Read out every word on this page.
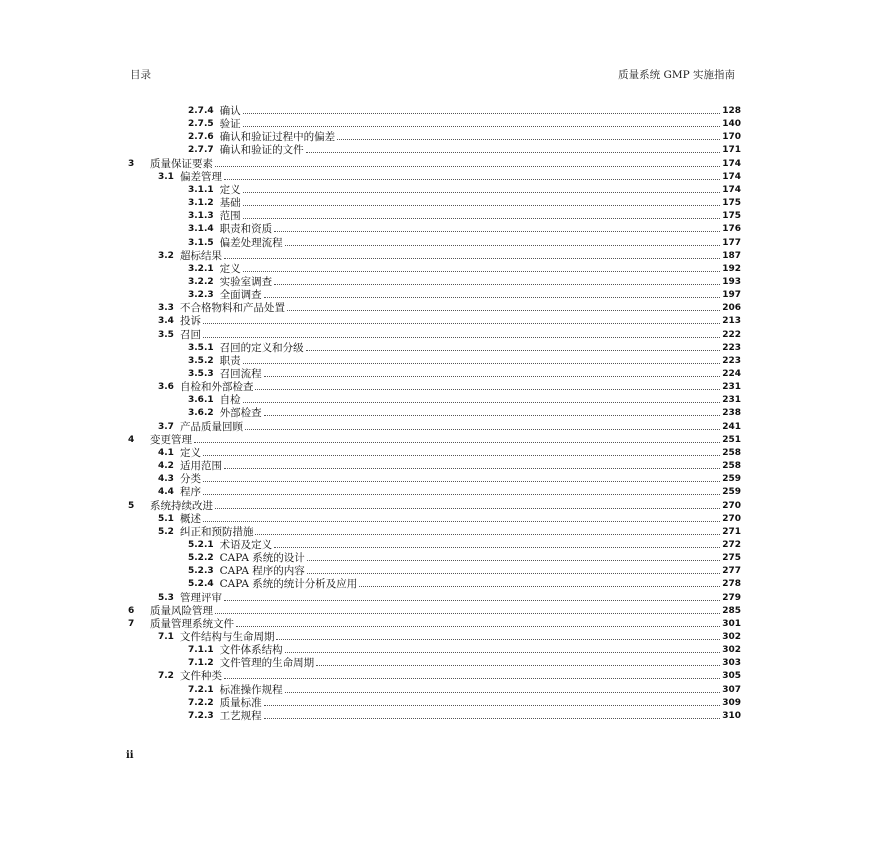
目录	质量系统 GMP 实施指南
2.7.4 确认	128
2.7.5 验证	140
2.7.6 确认和验证过程中的偏差	170
2.7.7 确认和验证的文件	171
3	质量保证要素	174
3.1 偏差管理	174
3.1.1 定义	174
3.1.2 基础	175
3.1.3 范围	175
3.1.4 职责和资质	176
3.1.5 偏差处理流程	177
3.2 超标结果	187
3.2.1 定义	192
3.2.2 实验室调查	193
3.2.3 全面调查	197
3.3 不合格物料和产品处置	206
3.4 投诉	213
3.5 召回	222
3.5.1 召回的定义和分级	223
3.5.2 职责	223
3.5.3 召回流程	224
3.6 自检和外部检查	231
3.6.1 自检	231
3.6.2 外部检查	238
3.7 产品质量回顾	241
4	变更管理	251
4.1 定义	258
4.2 适用范围	258
4.3 分类	259
4.4 程序	259
5	系统持续改进	270
5.1 概述	270
5.2 纠正和预防措施	271
5.2.1 术语及定义	272
5.2.2 CAPA 系统的设计	275
5.2.3 CAPA 程序的内容	277
5.2.4 CAPA 系统的统计分析及应用	278
5.3 管理评审	279
6	质量风险管理	285
7	质量管理系统文件	301
7.1 文件结构与生命周期	302
7.1.1 文件体系结构	302
7.1.2 文件管理的生命周期	303
7.2 文件种类	305
7.2.1 标准操作规程	307
7.2.2 质量标准	309
7.2.3 工艺规程	310
ii
